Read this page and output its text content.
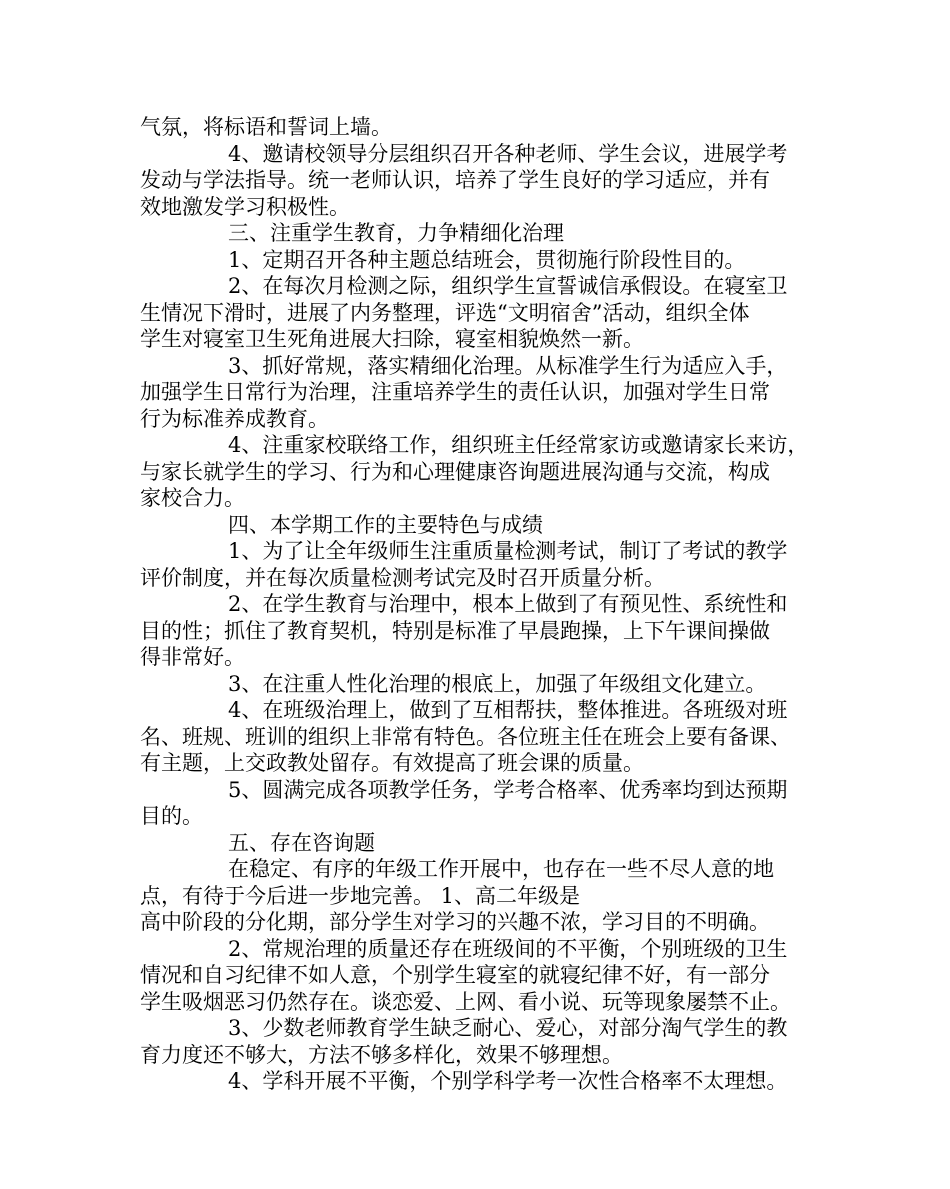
气氛，将标语和誓词上墙。

4、邀请校领导分层组织召开各种老师、学生会议，进展学考

发动与学法指导。统一老师认识，培养了学生良好的学习适应，并有

效地激发学习积极性。

三、注重学生教育，力争精细化治理

1、定期召开各种主题总结班会，贯彻施行阶段性目的。

2、在每次月检测之际，组织学生宣誓诚信承假设。在寝室卫

生情况下滑时，进展了内务整理，评选“文明宿舍”活动，组织全体

学生对寝室卫生死角进展大扫除，寝室相貌焕然一新。

3、抓好常规，落实精细化治理。从标准学生行为适应入手，

加强学生日常行为治理，注重培养学生的责任认识，加强对学生日常

行为标准养成教育。

4、注重家校联络工作，组织班主任经常家访或邀请家长来访，

与家长就学生的学习、行为和心理健康咨询题进展沟通与交流，构成

家校合力。

四、本学期工作的主要特色与成绩

1、为了让全年级师生注重质量检测考试，制订了考试的教学

评价制度，并在每次质量检测考试完及时召开质量分析。

2、在学生教育与治理中，根本上做到了有预见性、系统性和

目的性；抓住了教育契机，特别是标准了早晨跑操，上下午课间操做

得非常好。

3、在注重人性化治理的根底上，加强了年级组文化建立。

4、在班级治理上，做到了互相帮扶，整体推进。各班级对班

名、班规、班训的组织上非常有特色。各位班主任在班会上要有备课、

有主题，上交政教处留存。有效提高了班会课的质量。

5、圆满完成各项教学任务，学考合格率、优秀率均到达预期

目的。

五、存在咨询题

在稳定、有序的年级工作开展中，也存在一些不尽人意的地

点，有待于今后进一步地完善。 1、高二年级是

高中阶段的分化期，部分学生对学习的兴趣不浓，学习目的不明确。

2、常规治理的质量还存在班级间的不平衡，个别班级的卫生

情况和自习纪律不如人意，个别学生寝室的就寝纪律不好，有一部分

学生吸烟恶习仍然存在。谈恋爱、上网、看小说、玩等现象屡禁不止。

3、少数老师教育学生缺乏耐心、爱心，对部分淘气学生的教

育力度还不够大，方法不够多样化，效果不够理想。

4、学科开展不平衡，个别学科学考一次性合格率不太理想。
